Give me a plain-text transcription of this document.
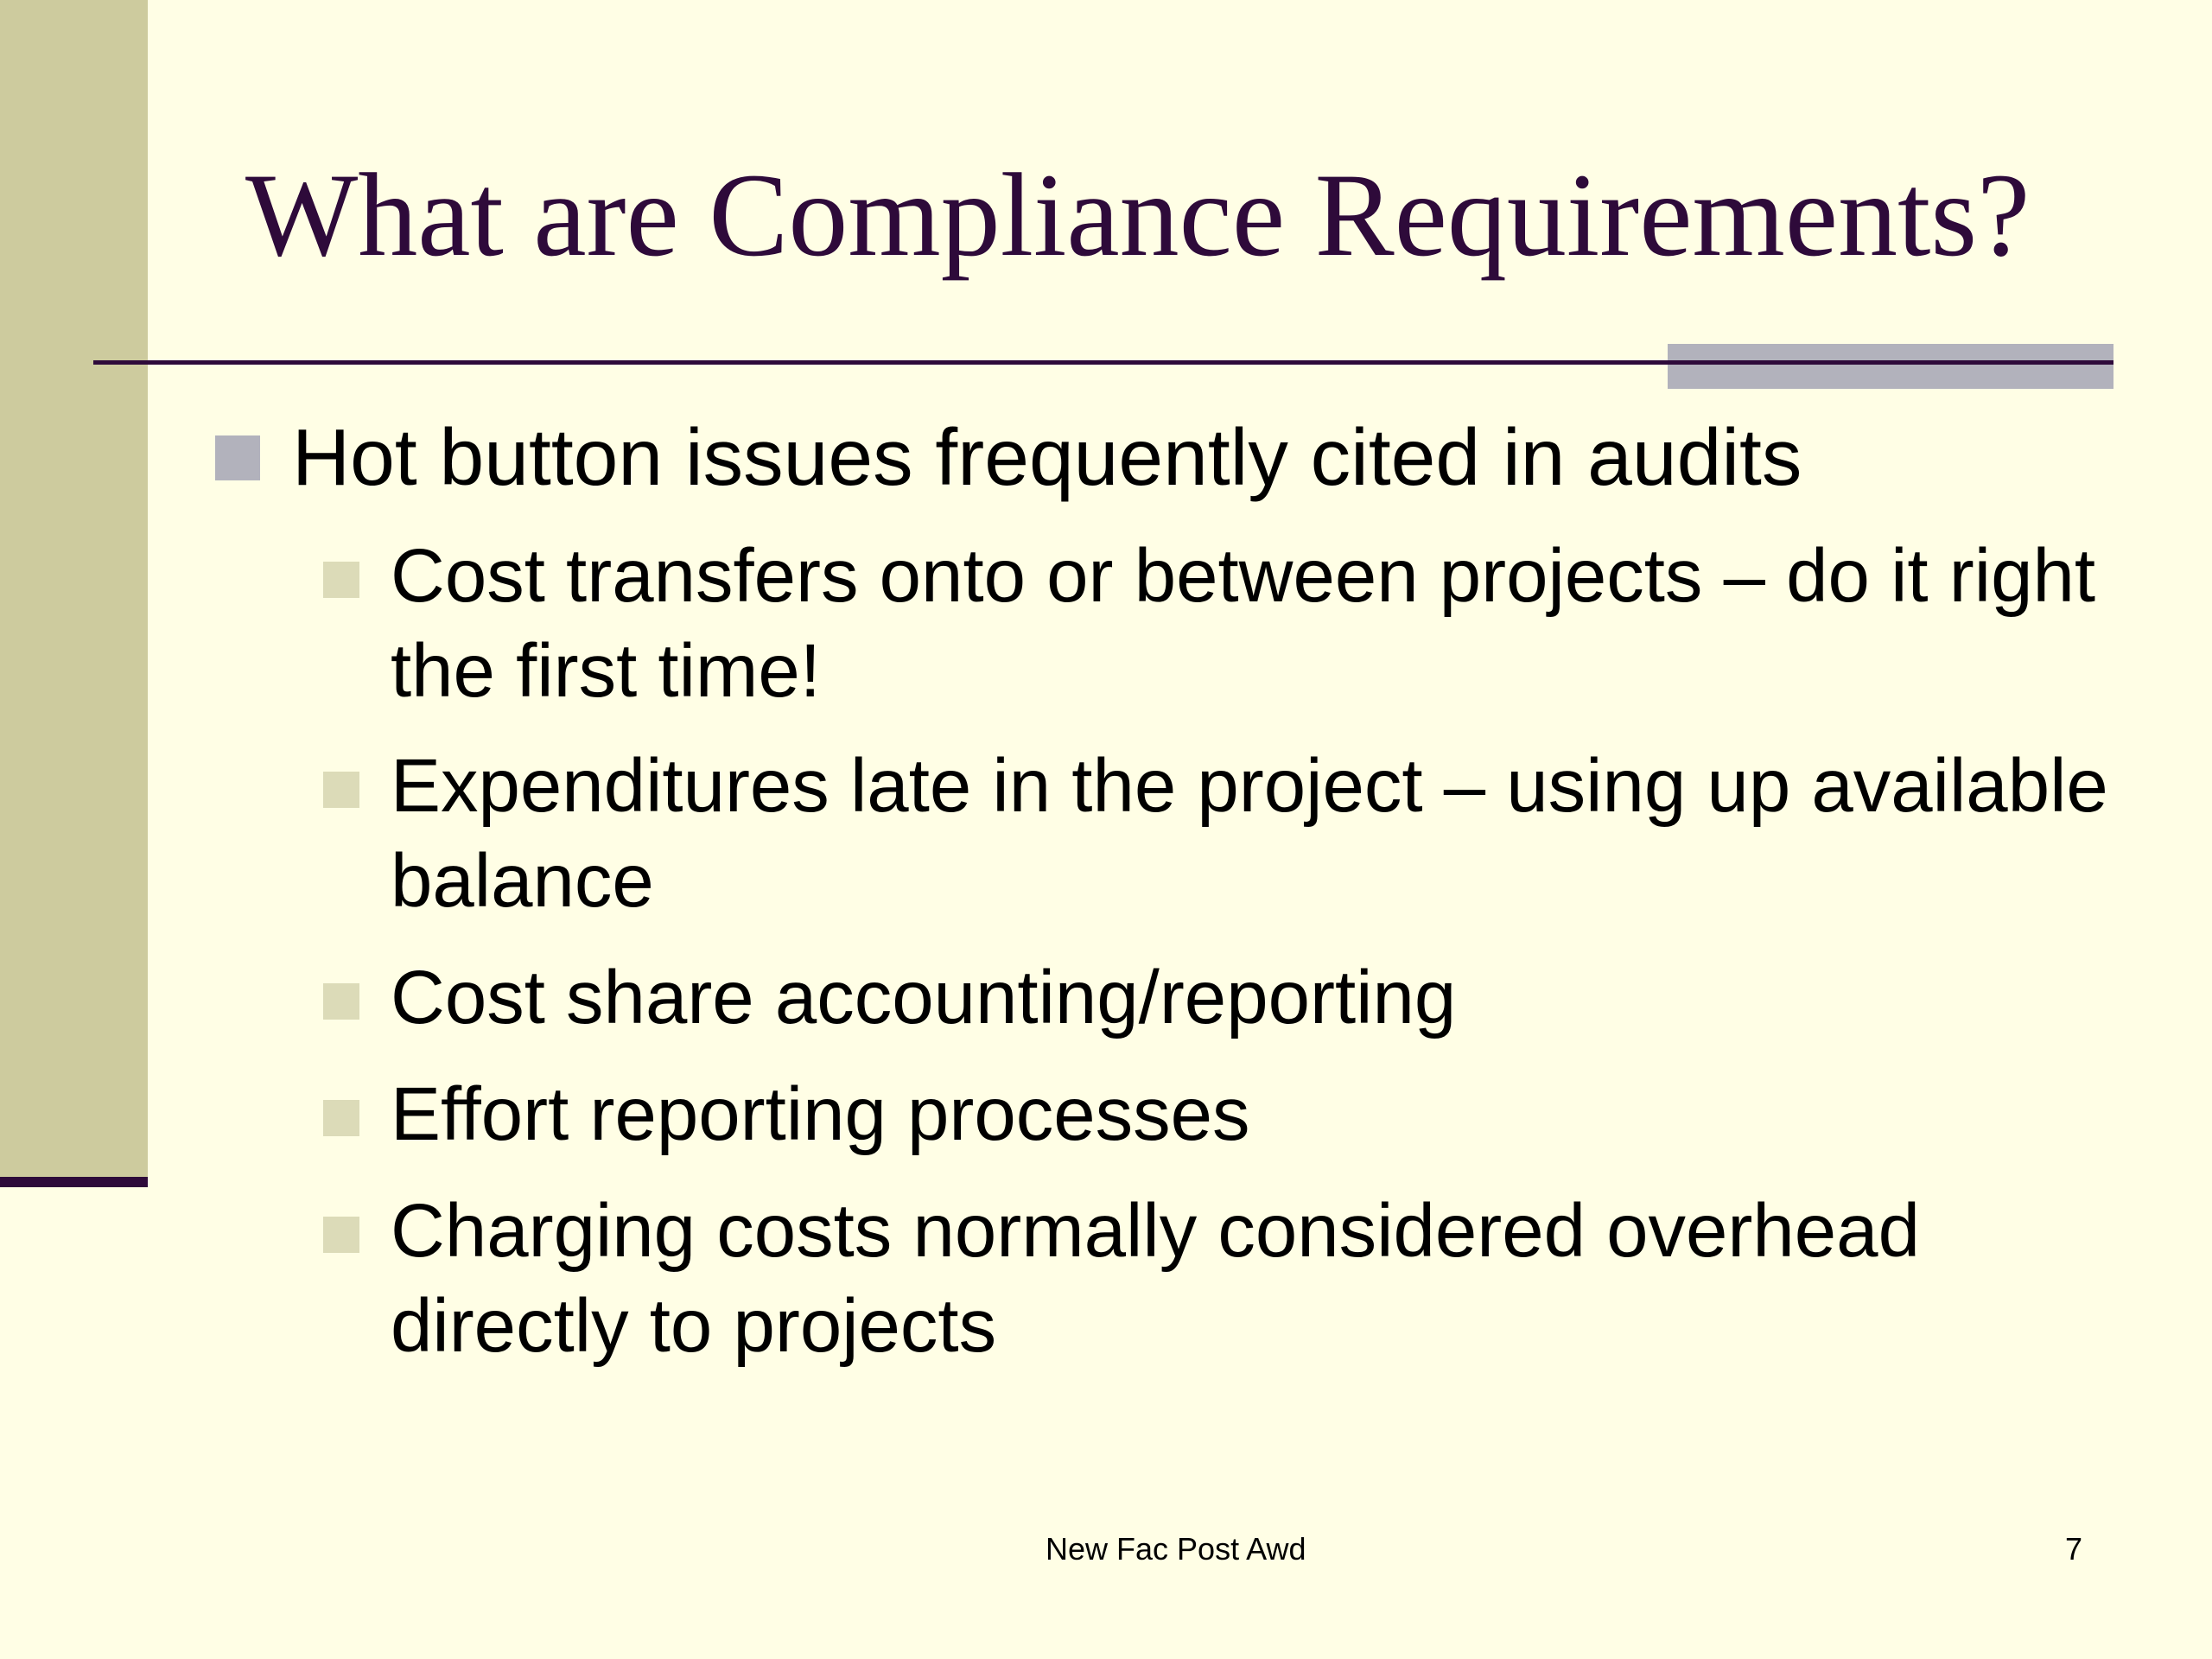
What are Compliance Requirements?
Hot button issues frequently cited in audits
Cost transfers onto or between projects – do it right the first time!
Expenditures late in the project – using up available balance
Cost share accounting/reporting
Effort reporting processes
Charging costs normally considered overhead directly to projects
New Fac Post Awd	7
